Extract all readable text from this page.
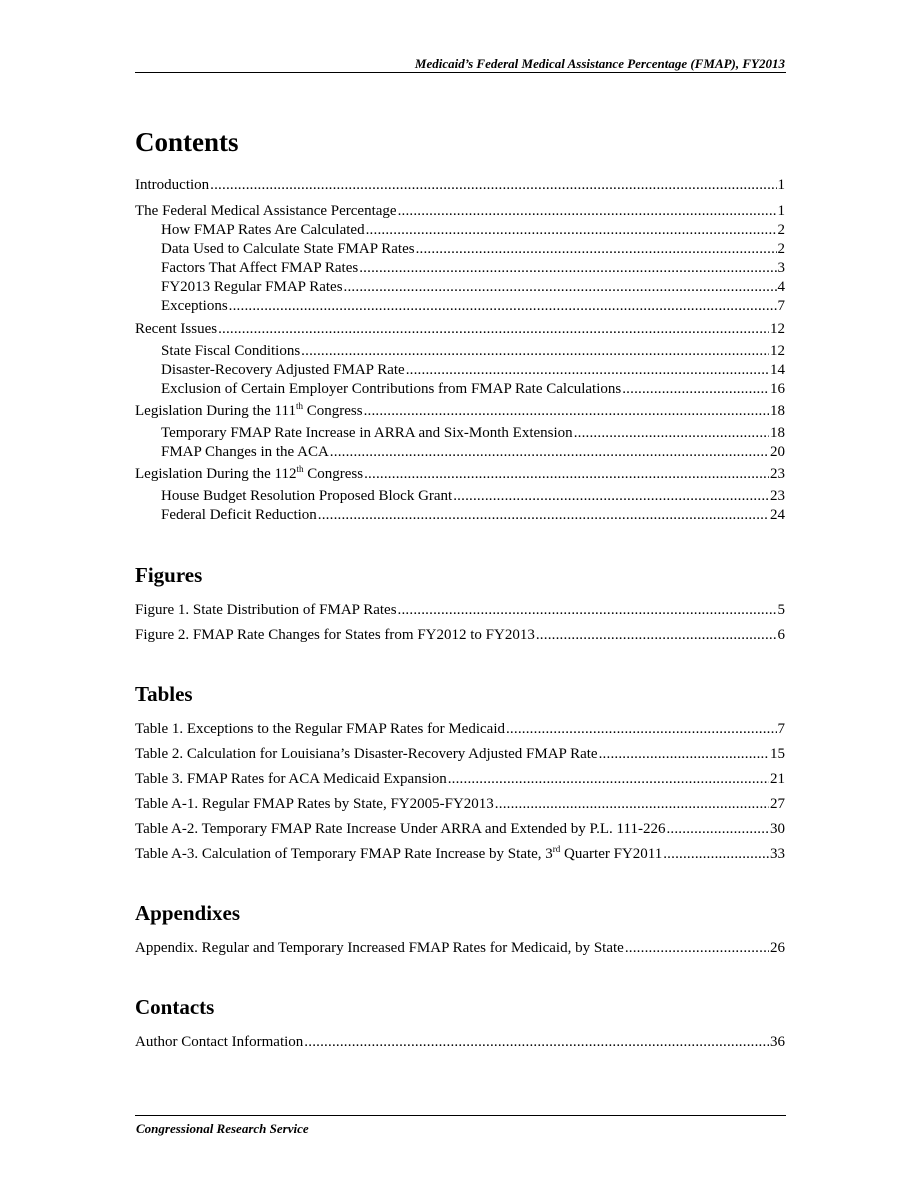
Medicaid’s Federal Medical Assistance Percentage (FMAP), FY2013
Contents
Introduction .....	1
The Federal Medical Assistance Percentage .....	1
How FMAP Rates Are Calculated .....	2
Data Used to Calculate State FMAP Rates .....	2
Factors That Affect FMAP Rates .....	3
FY2013 Regular FMAP Rates .....	4
Exceptions .....	7
Recent Issues .....	12
State Fiscal Conditions .....	12
Disaster-Recovery Adjusted FMAP Rate .....	14
Exclusion of Certain Employer Contributions from FMAP Rate Calculations .....	16
Legislation During the 111th Congress .....	18
Temporary FMAP Rate Increase in ARRA and Six-Month Extension .....	18
FMAP Changes in the ACA .....	20
Legislation During the 112th Congress .....	23
House Budget Resolution Proposed Block Grant .....	23
Federal Deficit Reduction .....	24
Figures
Figure 1. State Distribution of FMAP Rates .....	5
Figure 2. FMAP Rate Changes for States from FY2012 to FY2013 .....	6
Tables
Table 1. Exceptions to the Regular FMAP Rates for Medicaid .....	7
Table 2. Calculation for Louisiana’s Disaster-Recovery Adjusted FMAP Rate .....	15
Table 3. FMAP Rates for ACA Medicaid Expansion .....	21
Table A-1. Regular FMAP Rates by State, FY2005-FY2013 .....	27
Table A-2. Temporary FMAP Rate Increase Under ARRA and Extended by P.L. 111-226 .....	30
Table A-3. Calculation of Temporary FMAP Rate Increase by State, 3rd Quarter FY2011 .....	33
Appendixes
Appendix. Regular and Temporary Increased FMAP Rates for Medicaid, by State .....	26
Contacts
Author Contact Information .....	36
Congressional Research Service
